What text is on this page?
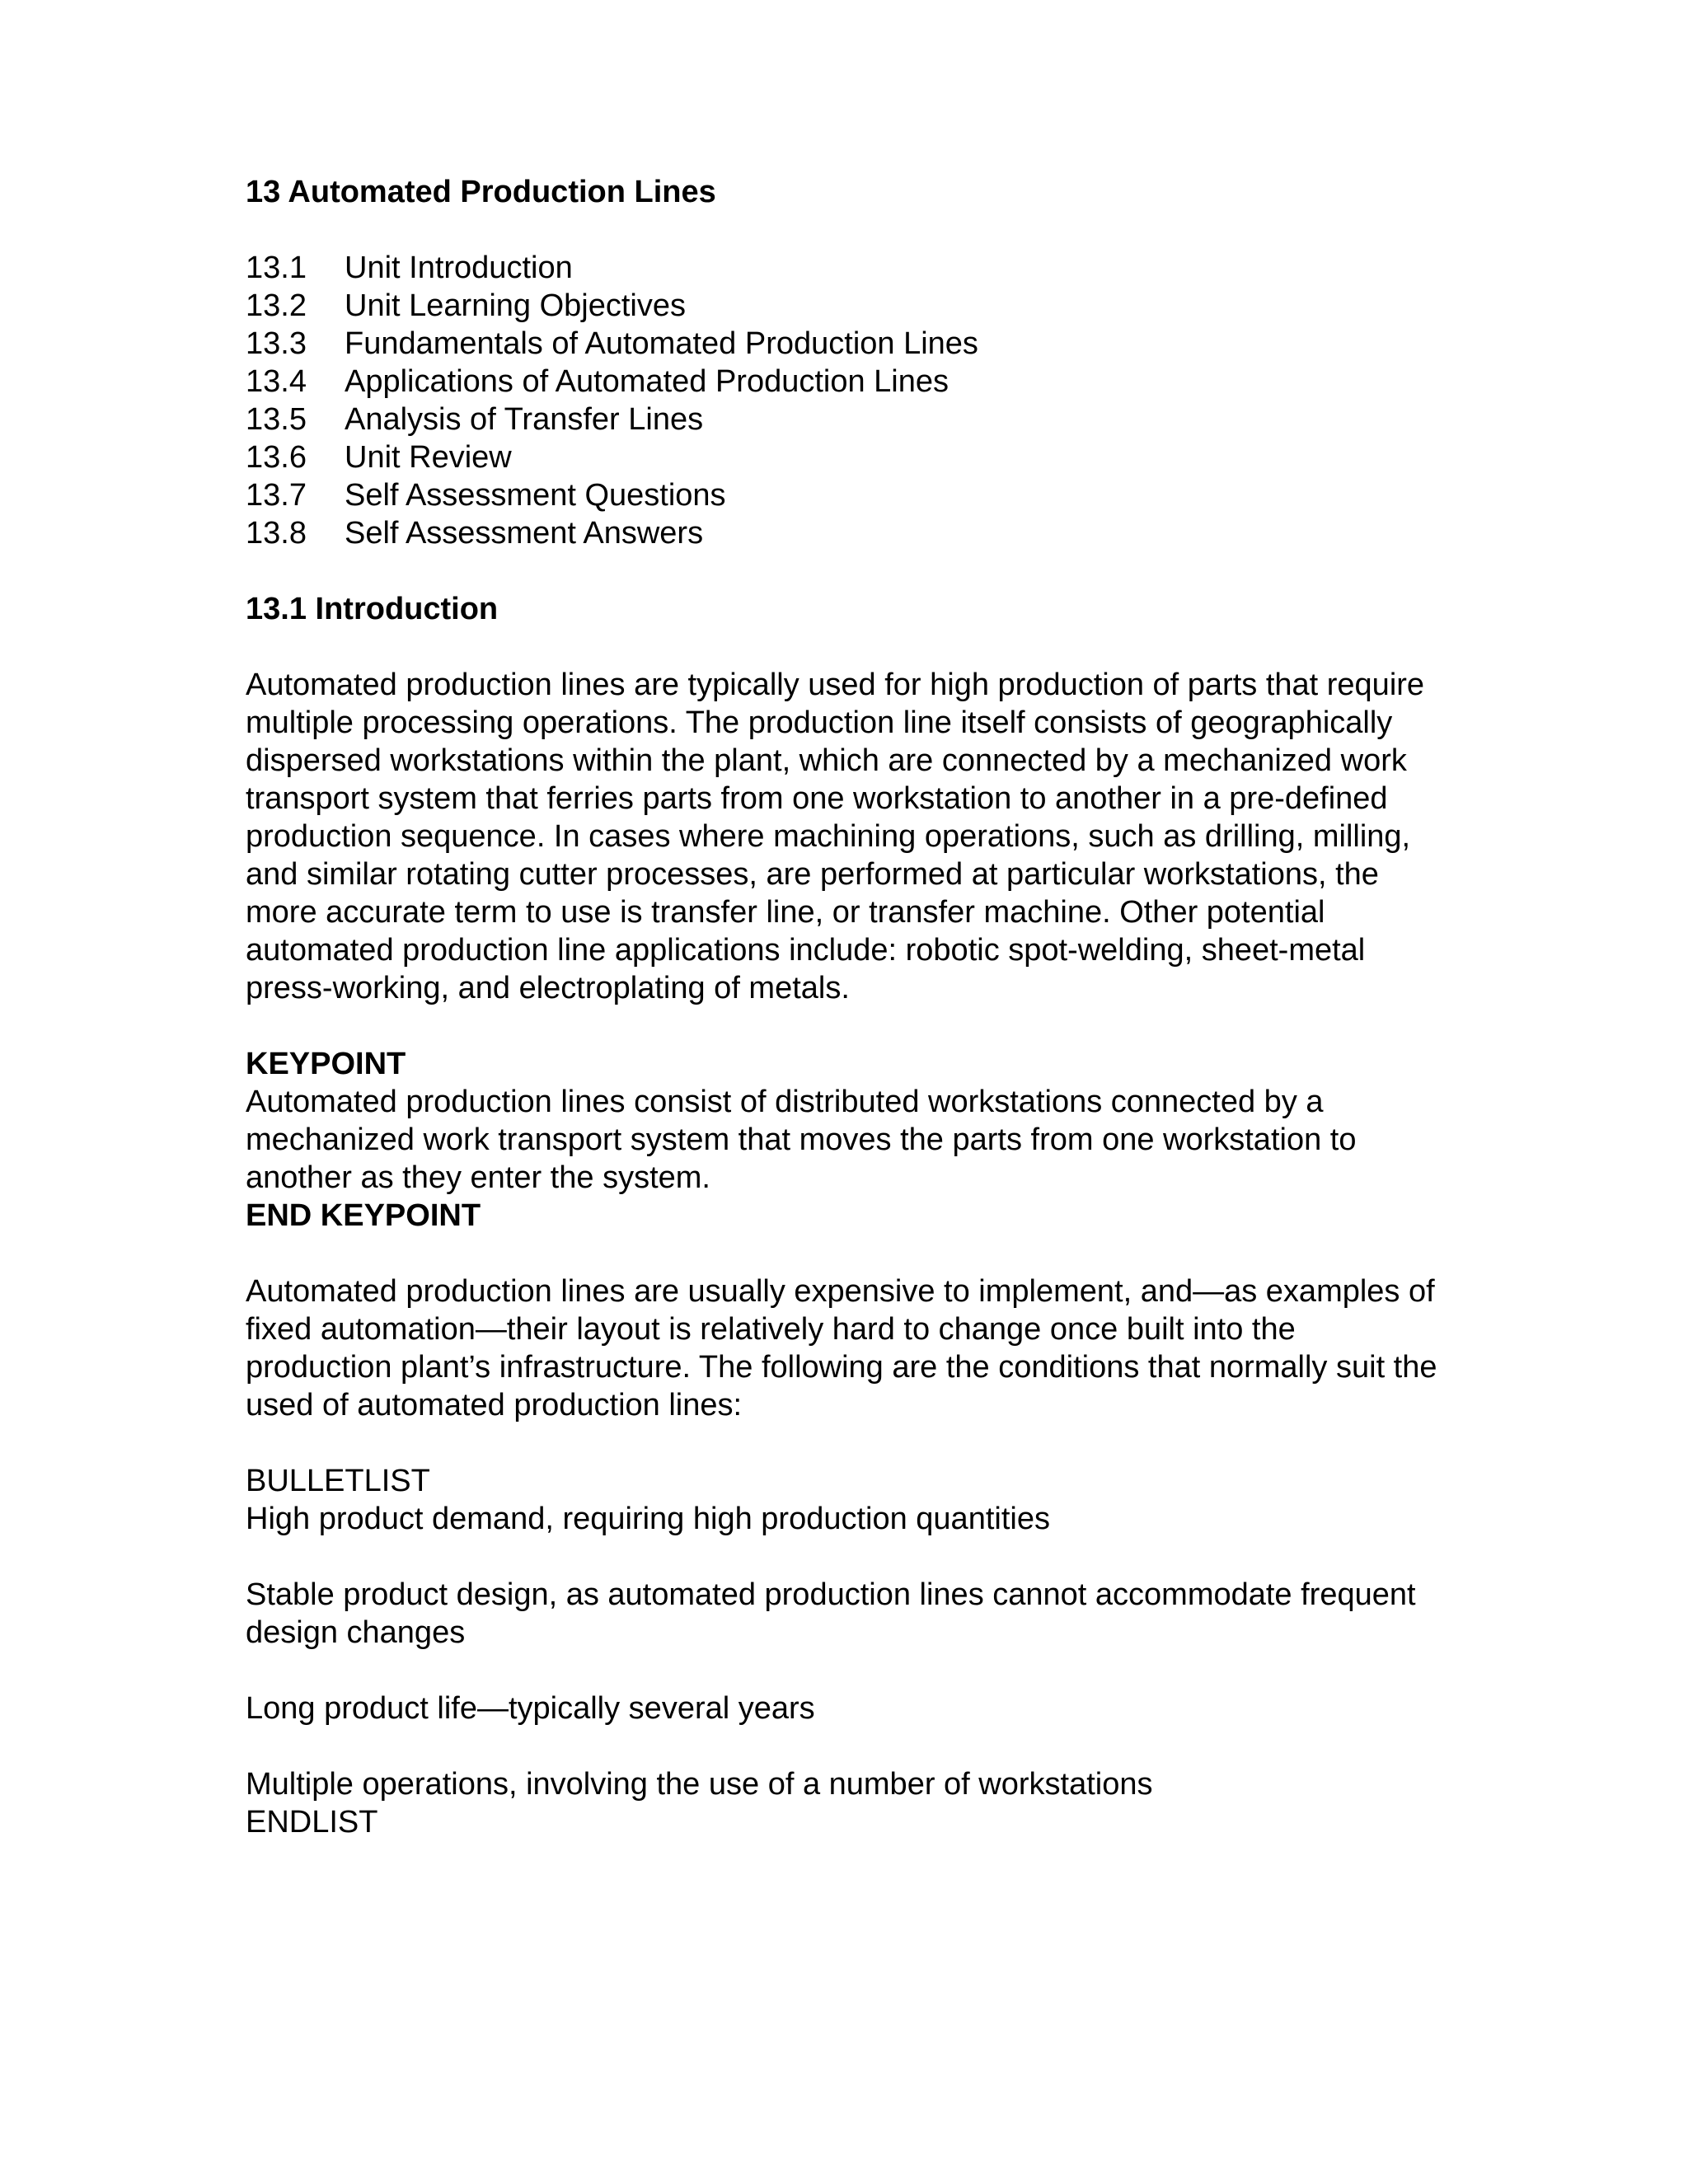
13 Automated Production Lines
13.1	Unit Introduction
13.2	Unit Learning Objectives
13.3	Fundamentals of Automated Production Lines
13.4	Applications of Automated Production Lines
13.5	Analysis of Transfer Lines
13.6	Unit Review
13.7	Self Assessment Questions
13.8	Self Assessment Answers
13.1 Introduction

Automated production lines are typically used for high production of parts that require multiple processing operations. The production line itself consists of geographically dispersed workstations within the plant, which are connected by a mechanized work transport system that ferries parts from one workstation to another in a pre-defined production sequence. In cases where machining operations, such as drilling, milling, and similar rotating cutter processes, are performed at particular workstations, the more accurate term to use is transfer line, or transfer machine. Other potential automated production line applications include: robotic spot-welding, sheet-metal press-working, and electroplating of metals.

KEYPOINT
Automated production lines consist of distributed workstations connected by a mechanized work transport system that moves the parts from one workstation to another as they enter the system.
END KEYPOINT

Automated production lines are usually expensive to implement, and—as examples of fixed automation—their layout is relatively hard to change once built into the production plant’s infrastructure. The following are the conditions that normally suit the used of automated production lines:

BULLETLIST
High product demand, requiring high production quantities
Stable product design, as automated production lines cannot accommodate frequent design changes
Long product life—typically several years
Multiple operations, involving the use of a number of workstations
ENDLIST
